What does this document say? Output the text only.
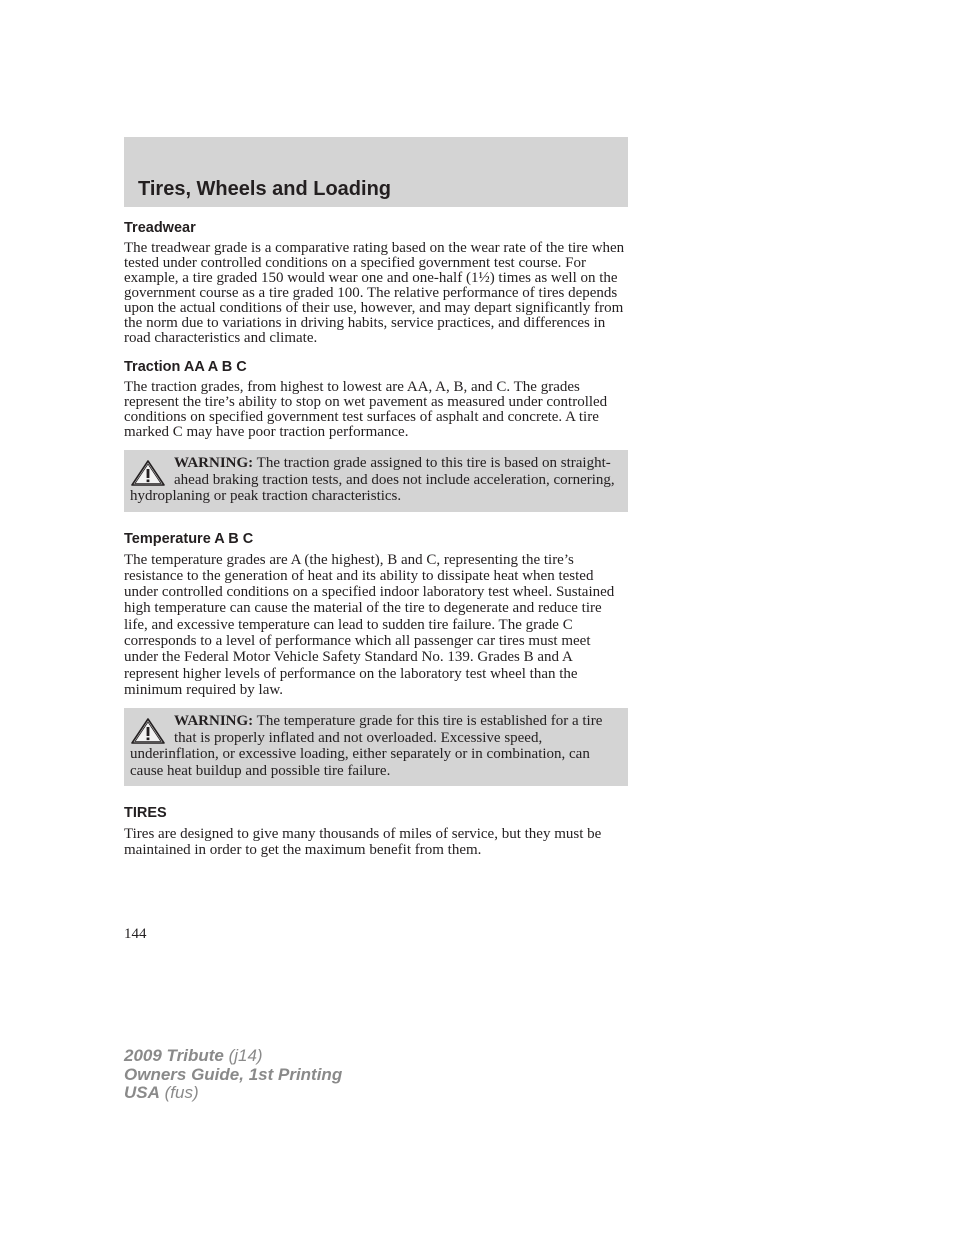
Tires, Wheels and Loading
Treadwear

The treadwear grade is a comparative rating based on the wear rate of the tire when tested under controlled conditions on a specified government test course. For example, a tire graded 150 would wear one and one-half (1½) times as well on the government course as a tire graded 100. The relative performance of tires depends upon the actual conditions of their use, however, and may depart significantly from the norm due to variations in driving habits, service practices, and differences in road characteristics and climate.

Traction AA A B C

The traction grades, from highest to lowest are AA, A, B, and C. The grades represent the tire’s ability to stop on wet pavement as measured under controlled conditions on specified government test surfaces of asphalt and concrete. A tire marked C may have poor traction performance.

WARNING: The traction grade assigned to this tire is based on straight-ahead braking traction tests, and does not include acceleration, cornering, hydroplaning or peak traction characteristics.
Temperature A B C

The temperature grades are A (the highest), B and C, representing the tire’s resistance to the generation of heat and its ability to dissipate heat when tested under controlled conditions on a specified indoor laboratory test wheel. Sustained high temperature can cause the material of the tire to degenerate and reduce tire life, and excessive temperature can lead to sudden tire failure. The grade C corresponds to a level of performance which all passenger car tires must meet under the Federal Motor Vehicle Safety Standard No. 139. Grades B and A represent higher levels of performance on the laboratory test wheel than the minimum required by law.

WARNING: The temperature grade for this tire is established for a tire that is properly inflated and not overloaded. Excessive speed, underinflation, or excessive loading, either separately or in combination, can cause heat buildup and possible tire failure.
TIRES

Tires are designed to give many thousands of miles of service, but they must be maintained in order to get the maximum benefit from them.

144
2009 Tribute (j14)
Owners Guide, 1st Printing
USA (fus)
